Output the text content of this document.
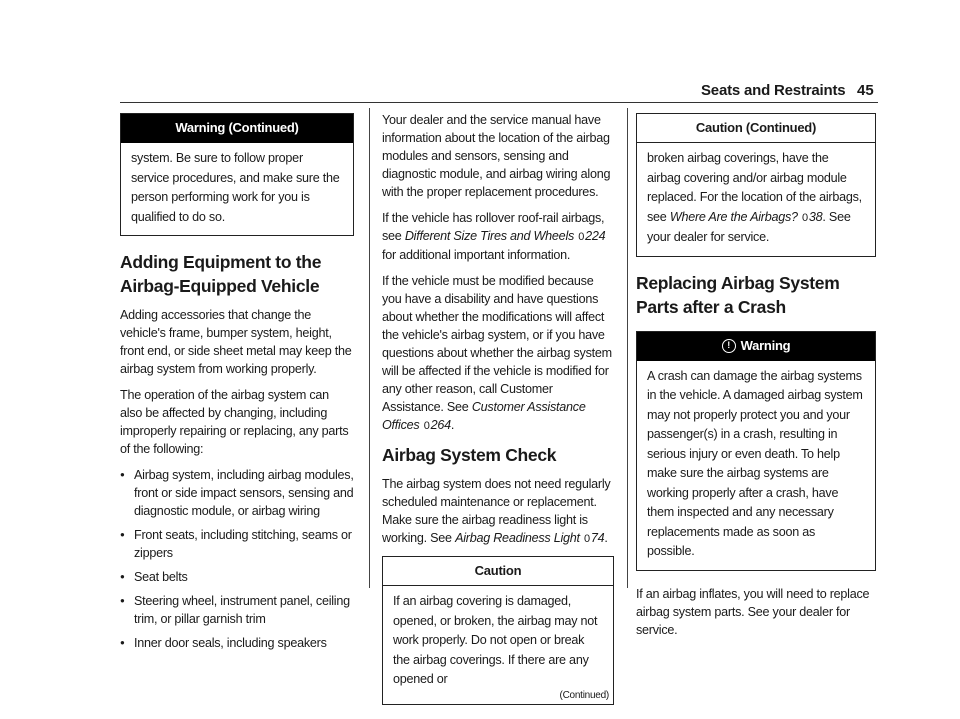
Seats and Restraints 45
Warning (Continued)
system. Be sure to follow proper service procedures, and make sure the person performing work for you is qualified to do so.
Adding Equipment to the Airbag-Equipped Vehicle

Adding accessories that change the vehicle's frame, bumper system, height, front end, or side sheet metal may keep the airbag system from working properly.

The operation of the airbag system can also be affected by changing, including improperly repairing or replacing, any parts of the following:

● Airbag system, including airbag modules, front or side impact sensors, sensing and diagnostic module, or airbag wiring
● Front seats, including stitching, seams or zippers
● Seat belts
● Steering wheel, instrument panel, ceiling trim, or pillar garnish trim
● Inner door seals, including speakers

Your dealer and the service manual have information about the location of the airbag modules and sensors, sensing and diagnostic module, and airbag wiring along with the proper replacement procedures.

If the vehicle has rollover roof-rail airbags, see Different Size Tires and Wheels 0224 for additional important information.

If the vehicle must be modified because you have a disability and have questions about whether the modifications will affect the vehicle's airbag system, or if you have questions about whether the airbag system will be affected if the vehicle is modified for any other reason, call Customer Assistance. See Customer Assistance Offices 0264.

Airbag System Check

The airbag system does not need regularly scheduled maintenance or replacement. Make sure the airbag readiness light is working. See Airbag Readiness Light 074.

Caution
If an airbag covering is damaged, opened, or broken, the airbag may not work properly. Do not open or break the airbag coverings. If there are any opened or
(Continued)
Caution (Continued)
broken airbag coverings, have the airbag covering and/or airbag module replaced. For the location of the airbags, see Where Are the Airbags? 038. See your dealer for service.
Replacing Airbag System Parts after a Crash
! Warning
A crash can damage the airbag systems in the vehicle. A damaged airbag system may not properly protect you and your passenger(s) in a crash, resulting in serious injury or even death. To help make sure the airbag systems are working properly after a crash, have them inspected and any necessary replacements made as soon as possible.

If an airbag inflates, you will need to replace airbag system parts. See your dealer for service.
